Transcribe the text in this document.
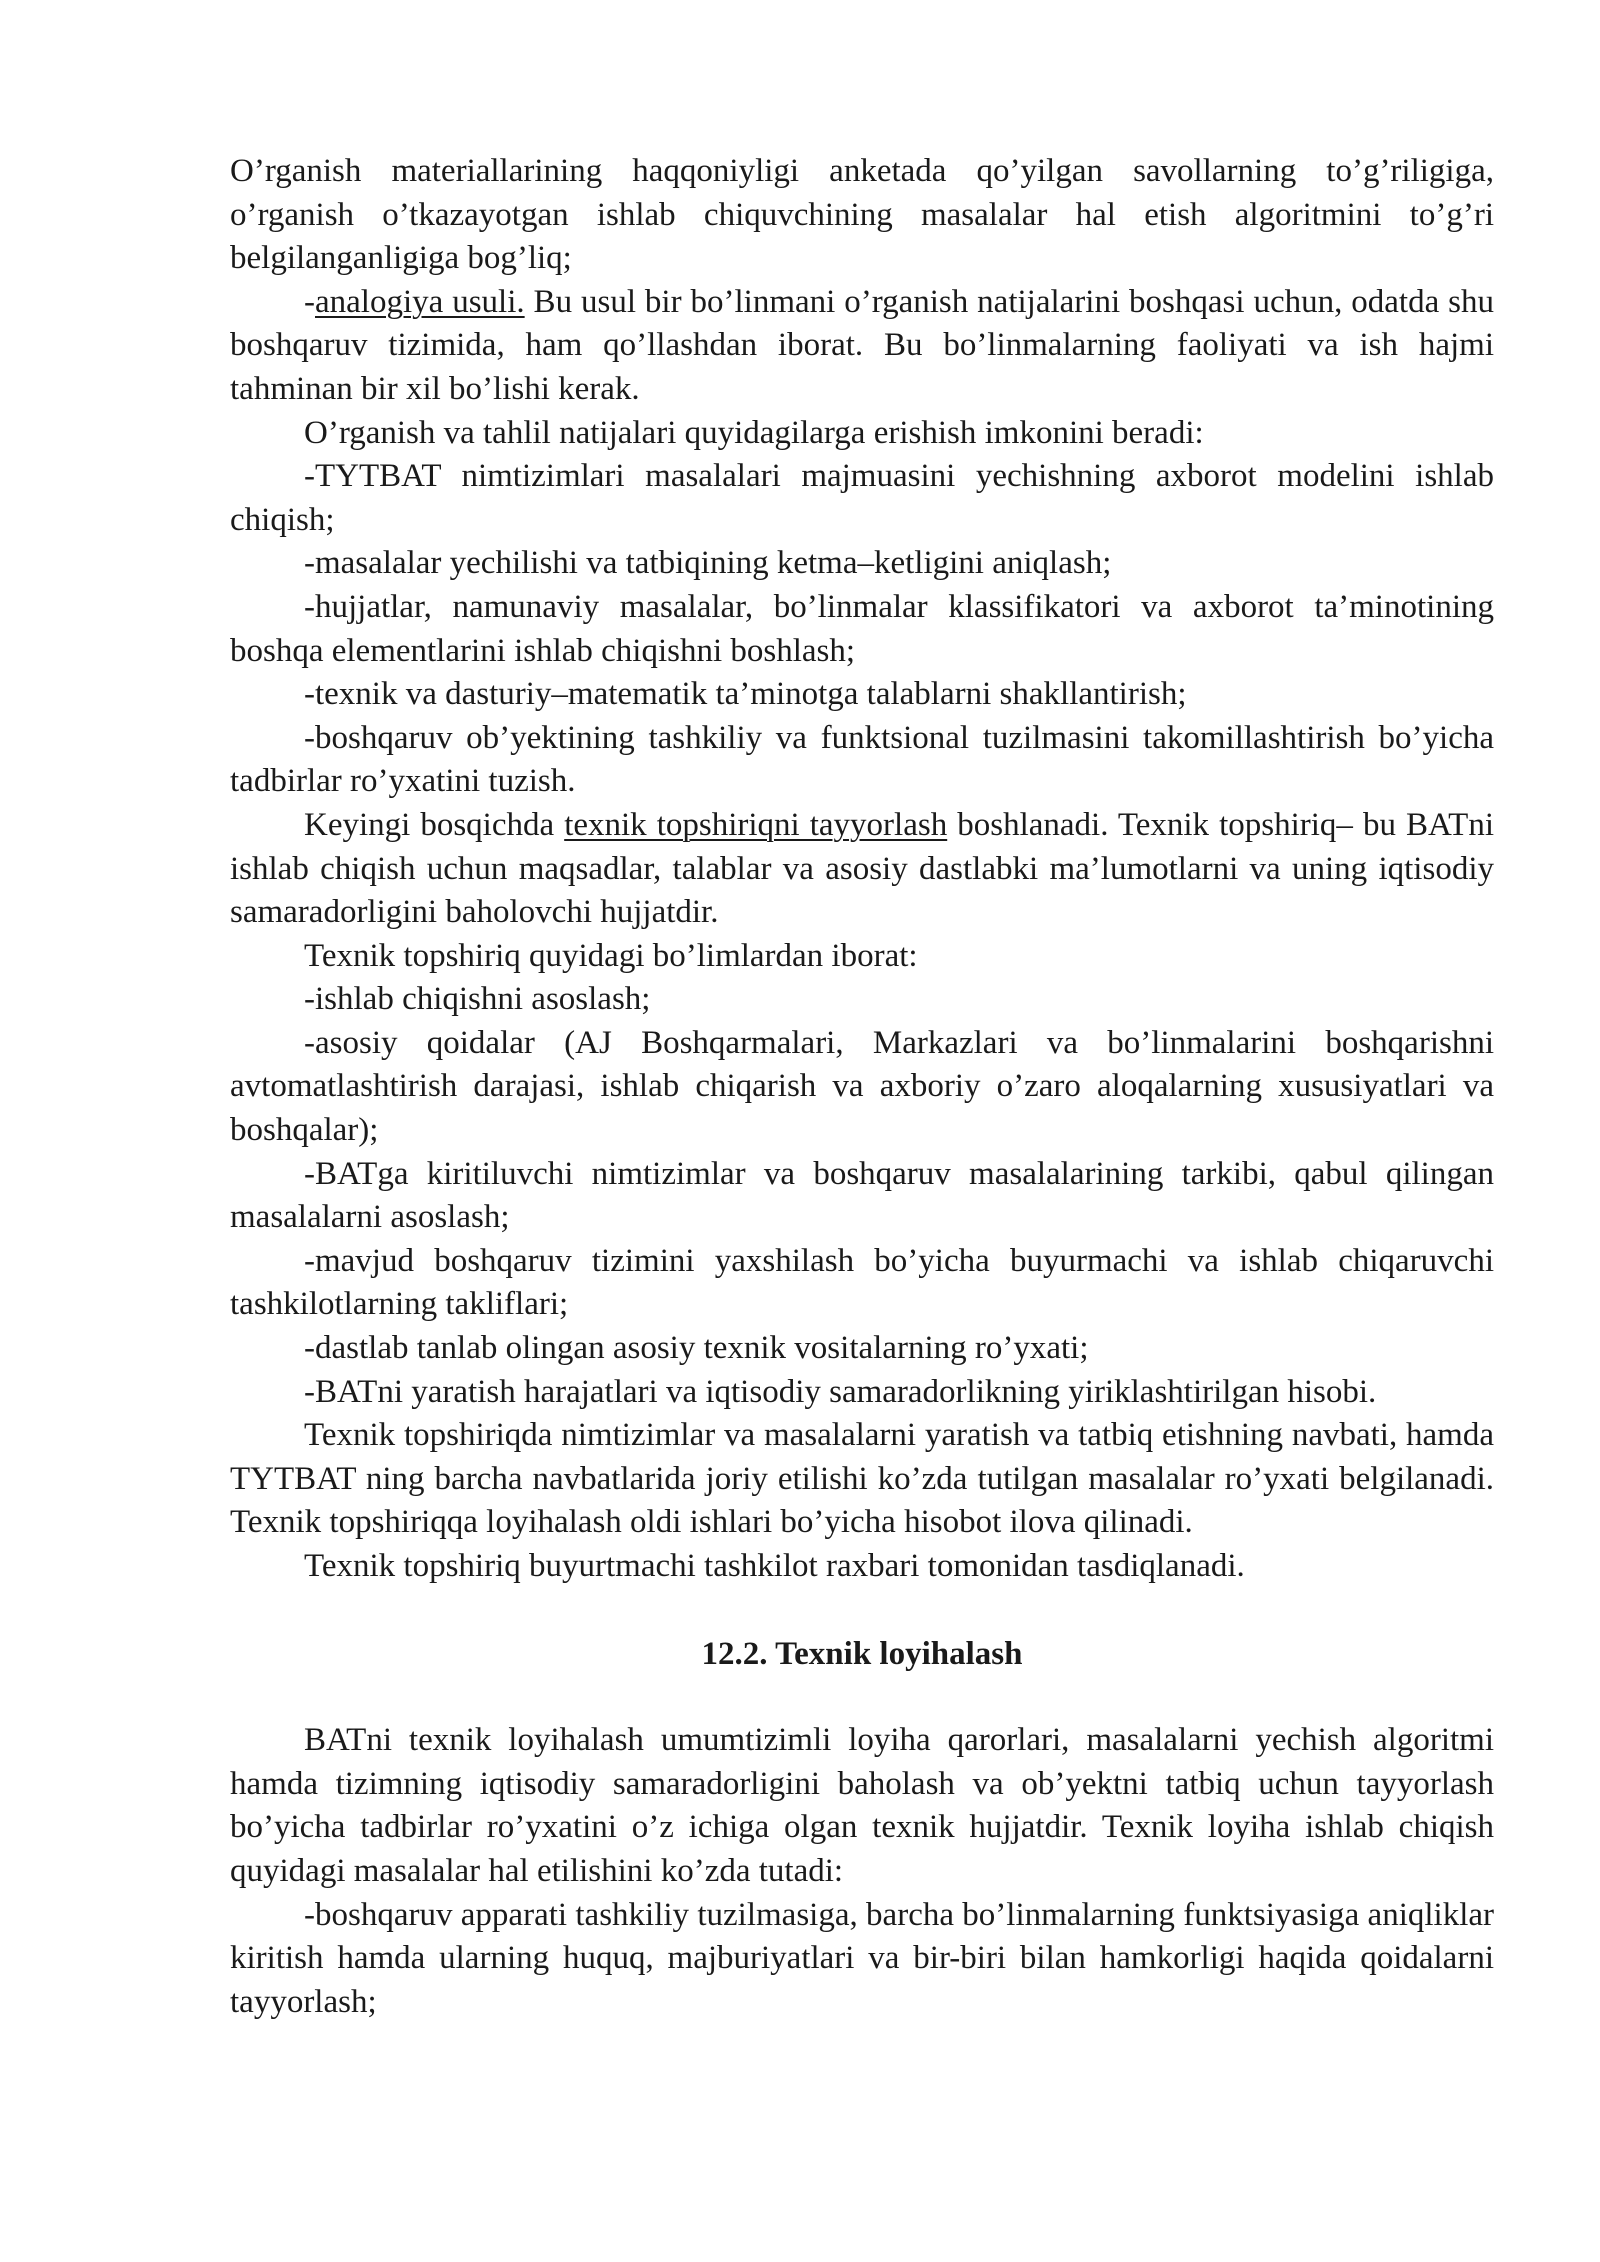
O’rganish materiallarining haqqoniyligi anketada qo’yilgan savollarning to’g’riligiga, o’rganish o’tkazayotgan ishlab chiquvchining masalalar hal etish algoritmini to’g’ri belgilanganligiga bog’liq;

-analogiya usuli. Bu usul bir bo’linmani o’rganish natijalarini boshqasi uchun, odatda shu boshqaruv tizimida, ham qo’llashdan iborat. Bu bo’linmalarning faoliyati va ish hajmi tahminan bir xil bo’lishi kerak.

O’rganish va tahlil natijalari quyidagilarga erishish imkonini beradi:

-TYTBAT nimtizimlari masalalari majmuasini yechishning axborot modelini ishlab chiqish;

-masalalar yechilishi va tatbiqining ketma–ketligini aniqlash;

-hujjatlar, namunaviy masalalar, bo’linmalar klassifikatori va axborot ta’minotining boshqa elementlarini ishlab chiqishni boshlash;

-texnik va dasturiy–matematik ta’minotga talablarni shakllantirish;

-boshqaruv ob’yektining tashkiliy va funktsional tuzilmasini takomillashtirish bo’yicha tadbirlar ro’yxatini tuzish.

Keyingi bosqichda texnik topshiriqni tayyorlash boshlanadi. Texnik topshiriq– bu BATni ishlab chiqish uchun maqsadlar, talablar va asosiy dastlabki ma’lumotlarni va uning iqtisodiy samaradorligini baholovchi hujjatdir.

Texnik topshiriq quyidagi bo’limlardan iborat:

-ishlab chiqishni asoslash;

-asosiy qoidalar (AJ Boshqarmalari, Markazlari va bo’linmalarini boshqarishni avtomatlashtirish darajasi, ishlab chiqarish va axboriy o’zaro aloqalarning xususiyatlari va boshqalar);

-BATga kiritiluvchi nimtizimlar va boshqaruv masalalarining tarkibi, qabul qilingan masalalarni asoslash;

-mavjud boshqaruv tizimini yaxshilash bo’yicha buyurmachi va ishlab chiqaruvchi tashkilotlarning takliflari;

-dastlab tanlab olingan asosiy texnik vositalarning ro’yxati;

-BATni yaratish harajatlari va iqtisodiy samaradorlikning yiriklashtirilgan hisobi.

Texnik topshiriqda nimtizimlar va masalalarni yaratish va tatbiq etishning navbati, hamda TYTBAT ning barcha navbatlarida joriy etilishi ko’zda tutilgan masalalar ro’yxati belgilanadi. Texnik topshiriqqa loyihalash oldi ishlari bo’yicha hisobot ilova qilinadi.

Texnik topshiriq buyurtmachi tashkilot raxbari tomonidan tasdiqlanadi.

12.2. Texnik loyihalash

BATni texnik loyihalash umumtizimli loyiha qarorlari, masalalarni yechish algoritmi hamda tizimning iqtisodiy samaradorligini baholash va ob’yektni tatbiq uchun tayyorlash bo’yicha tadbirlar ro’yxatini o’z ichiga olgan texnik hujjatdir. Texnik loyiha ishlab chiqish quyidagi masalalar hal etilishini ko’zda tutadi:

-boshqaruv apparati tashkiliy tuzilmasiga, barcha bo’linmalarning funktsiyasiga aniqliklar kiritish hamda ularning huquq, majburiyatlari va bir-biri bilan hamkorligi haqida qoidalarni tayyorlash;
